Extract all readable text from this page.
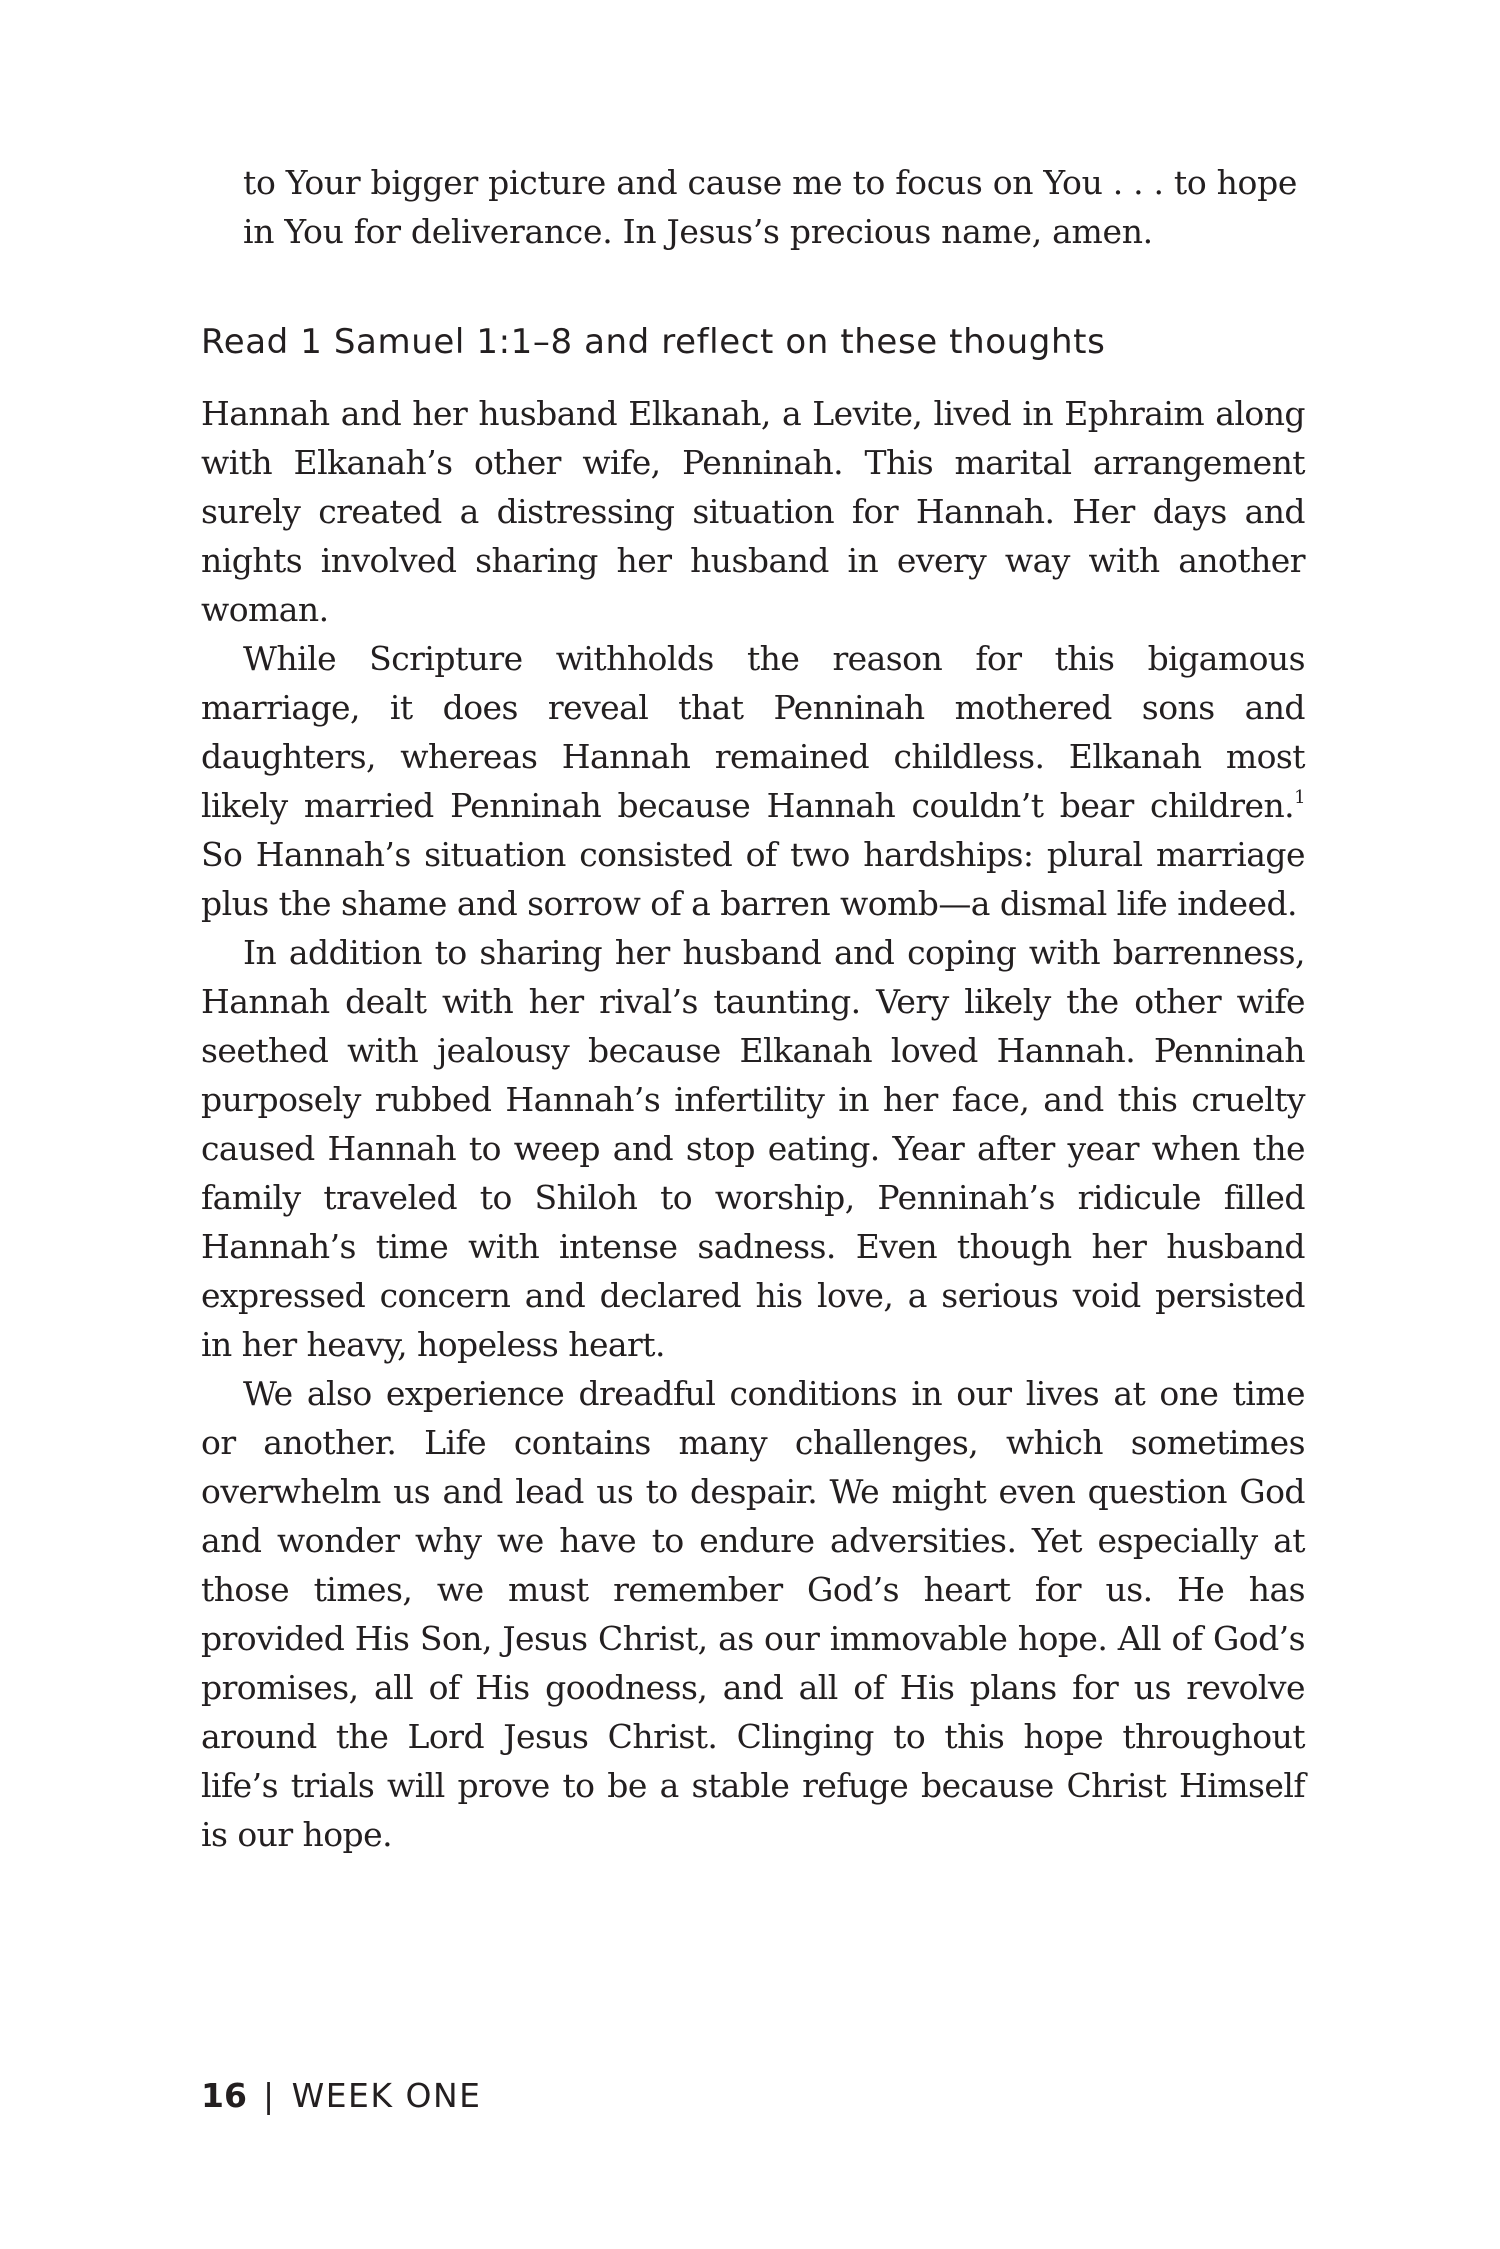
to Your bigger picture and cause me to focus on You . . . to hope in You for deliverance. In Jesus’s precious name, amen.

Read 1 Samuel 1:1–8 and reflect on these thoughts

Hannah and her husband Elkanah, a Levite, lived in Ephraim along with Elkanah’s other wife, Penninah. This marital arrangement surely created a distressing situation for Hannah. Her days and nights involved sharing her husband in every way with another woman.

While Scripture withholds the reason for this bigamous marriage, it does reveal that Penninah mothered sons and daughters, whereas Hannah remained childless. Elkanah most likely married Penninah because Hannah couldn’t bear children.$^1$ So Hannah’s situation consisted of two hardships: plural marriage plus the shame and sorrow of a barren womb—a dismal life indeed.

In addition to sharing her husband and coping with barrenness, Hannah dealt with her rival’s taunting. Very likely the other wife seethed with jealousy because Elkanah loved Hannah. Penninah purposely rubbed Hannah’s infertility in her face, and this cruelty caused Hannah to weep and stop eating. Year after year when the family traveled to Shiloh to worship, Penninah’s ridicule filled Hannah’s time with intense sadness. Even though her husband expressed concern and declared his love, a serious void persisted in her heavy, hopeless heart.

We also experience dreadful conditions in our lives at one time or another. Life contains many challenges, which sometimes overwhelm us and lead us to despair. We might even question God and wonder why we have to endure adversities. Yet especially at those times, we must remember God’s heart for us. He has provided His Son, Jesus Christ, as our immovable hope. All of God’s promises, all of His goodness, and all of His plans for us revolve around the Lord Jesus Christ. Clinging to this hope throughout life’s trials will prove to be a stable refuge because Christ Himself is our hope.

16 | WEEK ONE
